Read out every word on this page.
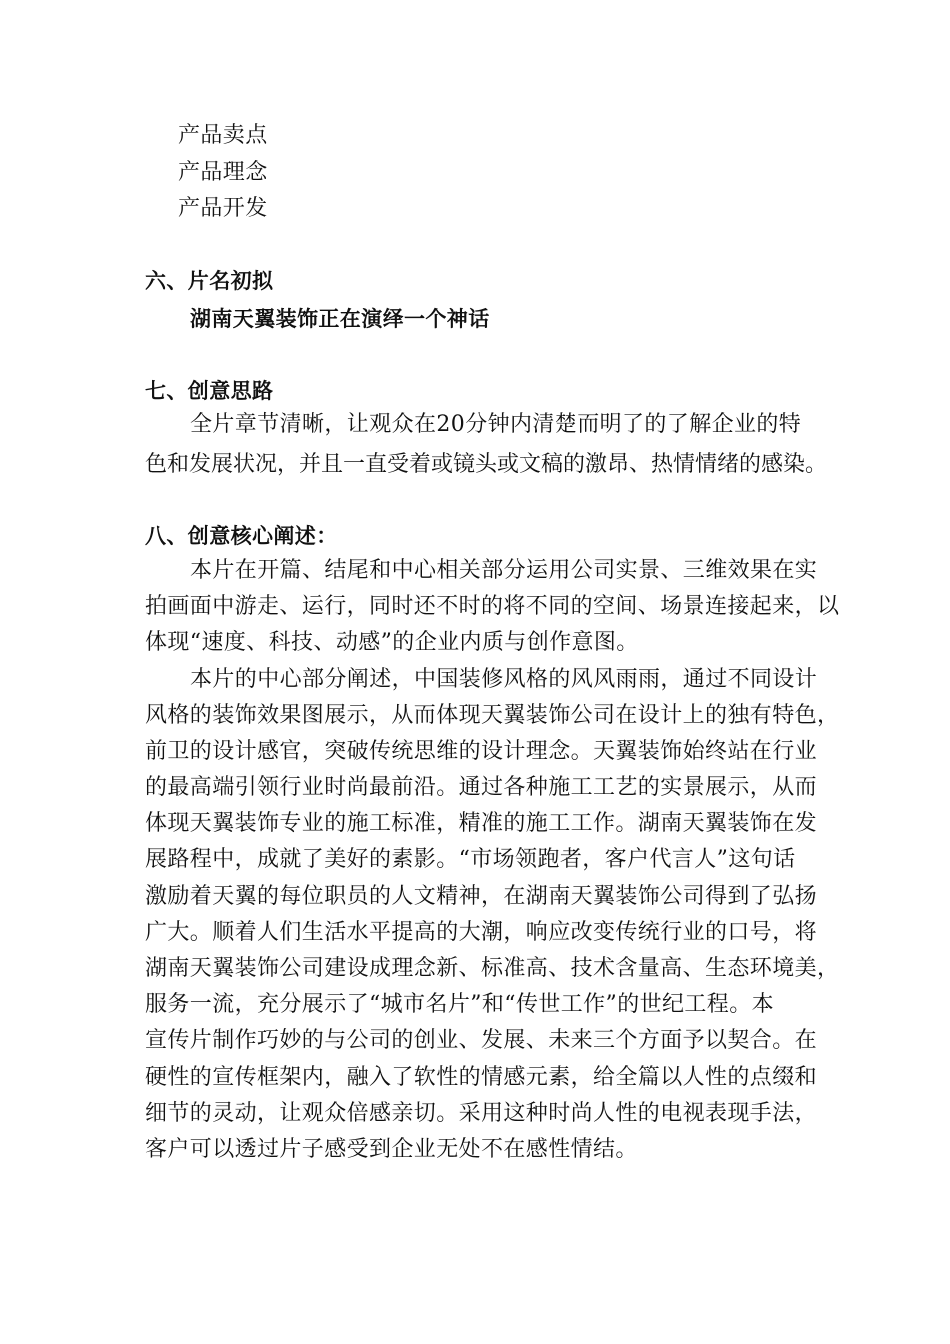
产品卖点
产品理念
产品开发
六、片名初拟
湖南天翼装饰正在演绎一个神话
七、创意思路
全片章节清晰，让观众在20分钟内清楚而明了的了解企业的特
色和发展状况，并且一直受着或镜头或文稿的激昂、热情情绪的感染。
八、创意核心阐述：
本片在开篇、结尾和中心相关部分运用公司实景、三维效果在实
拍画面中游走、运行，同时还不时的将不同的空间、场景连接起来，以
体现“速度、科技、动感”的企业内质与创作意图。
本片的中心部分阐述，中国装修风格的风风雨雨，通过不同设计
风格的装饰效果图展示，从而体现天翼装饰公司在设计上的独有特色，
前卫的设计感官，突破传统思维的设计理念。天翼装饰始终站在行业
的最高端引领行业时尚最前沿。通过各种施工工艺的实景展示，从而
体现天翼装饰专业的施工标准，精准的施工工作。湖南天翼装饰在发
展路程中，成就了美好的素影。“市场领跑者，客户代言人”这句话
激励着天翼的每位职员的人文精神，在湖南天翼装饰公司得到了弘扬
广大。顺着人们生活水平提高的大潮，响应改变传统行业的口号，将
湖南天翼装饰公司建设成理念新、标准高、技术含量高、生态环境美，
服务一流，充分展示了“城市名片”和“传世工作”的世纪工程。本
宣传片制作巧妙的与公司的创业、发展、未来三个方面予以契合。在
硬性的宣传框架内，融入了软性的情感元素，给全篇以人性的点缀和
细节的灵动，让观众倍感亲切。采用这种时尚人性的电视表现手法，
客户可以透过片子感受到企业无处不在感性情结。
